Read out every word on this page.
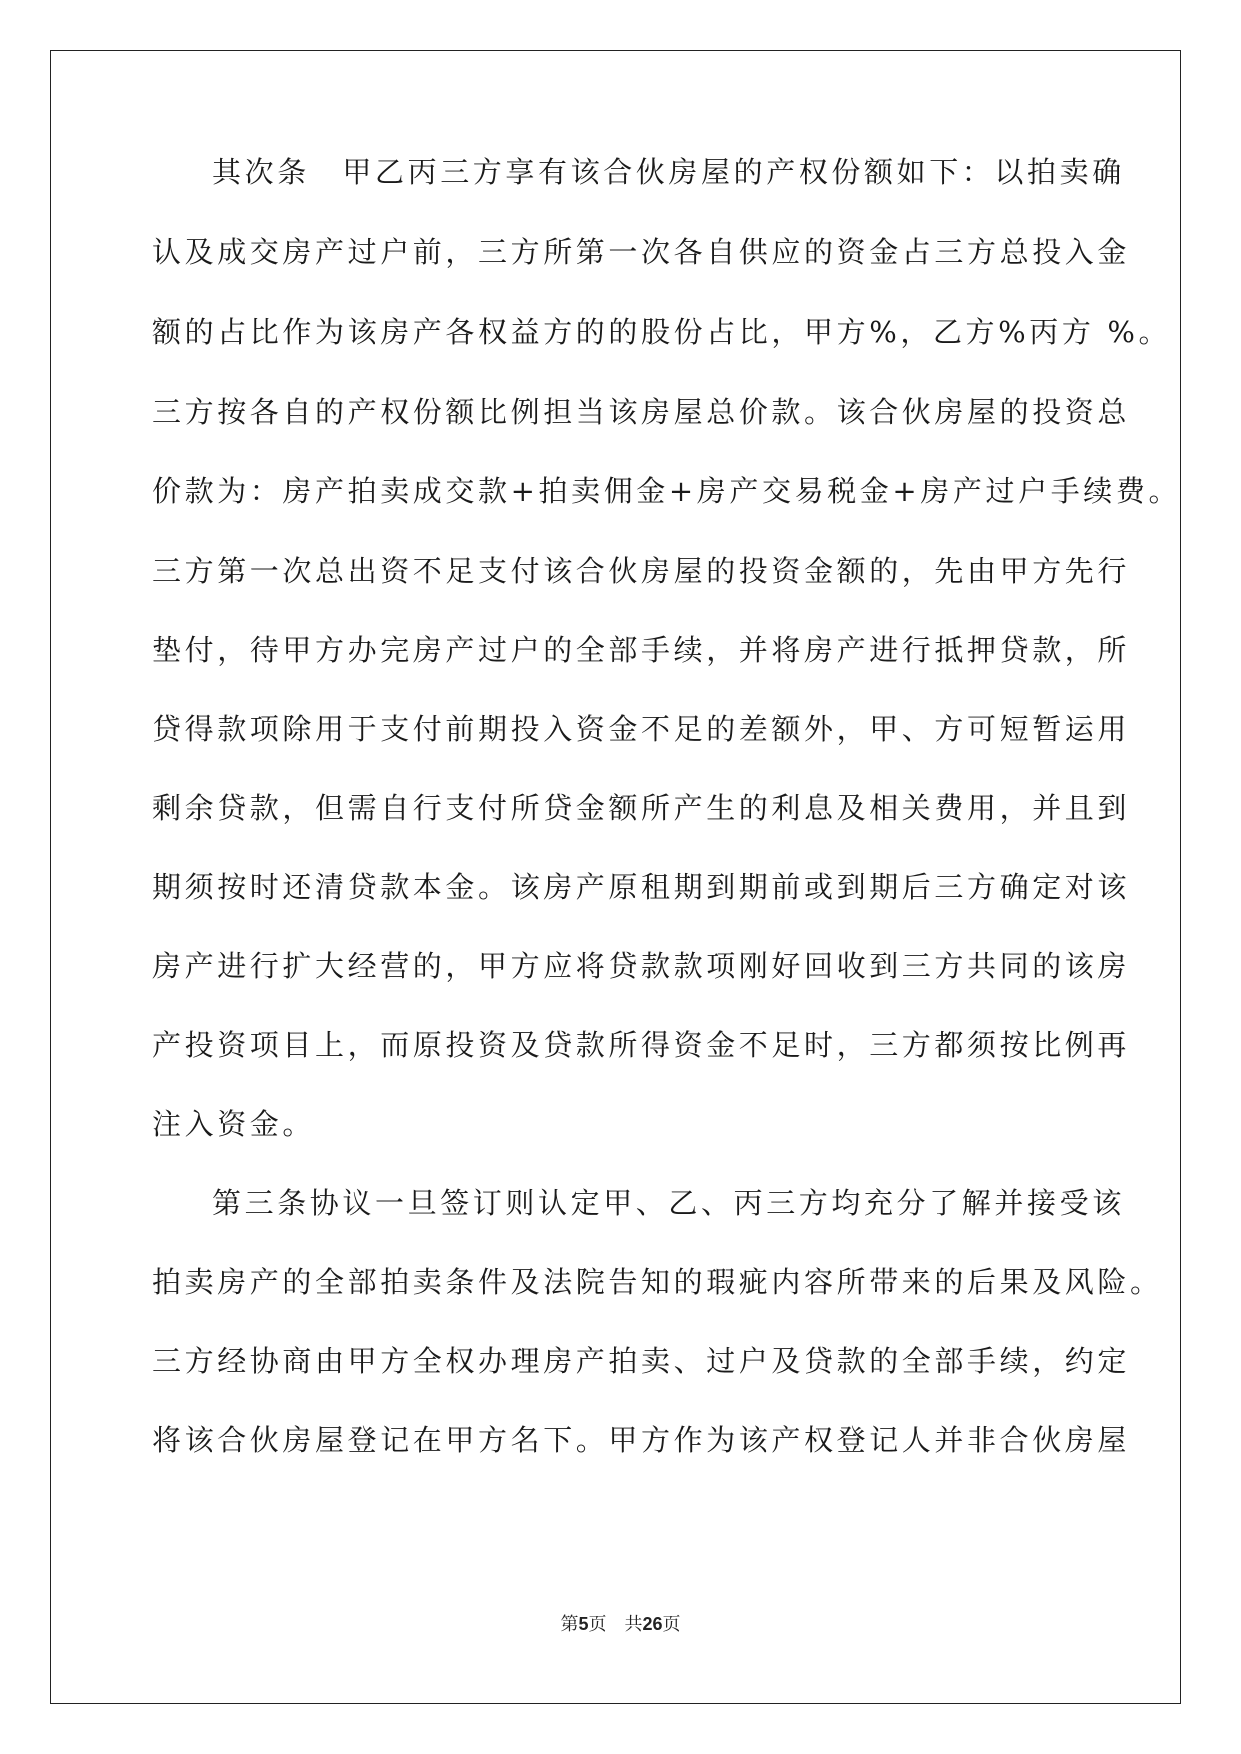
其次条　甲乙丙三方享有该合伙房屋的产权份额如下：以拍卖确
认及成交房产过户前，三方所第一次各自供应的资金占三方总投入金
额的占比作为该房产各权益方的的股份占比，甲方%，乙方%丙方 %。
三方按各自的产权份额比例担当该房屋总价款。该合伙房屋的投资总
价款为：房产拍卖成交款+拍卖佣金+房产交易税金+房产过户手续费。
三方第一次总出资不足支付该合伙房屋的投资金额的，先由甲方先行
垫付，待甲方办完房产过户的全部手续，并将房产进行抵押贷款，所
贷得款项除用于支付前期投入资金不足的差额外，甲、方可短暂运用
剩余贷款，但需自行支付所贷金额所产生的利息及相关费用，并且到
期须按时还清贷款本金。该房产原租期到期前或到期后三方确定对该
房产进行扩大经营的，甲方应将贷款款项刚好回收到三方共同的该房
产投资项目上，而原投资及贷款所得资金不足时，三方都须按比例再
注入资金。
第三条协议一旦签订则认定甲、乙、丙三方均充分了解并接受该
拍卖房产的全部拍卖条件及法院告知的瑕疵内容所带来的后果及风险。
三方经协商由甲方全权办理房产拍卖、过户及贷款的全部手续，约定
将该合伙房屋登记在甲方名下。甲方作为该产权登记人并非合伙房屋
第5页 共26页
